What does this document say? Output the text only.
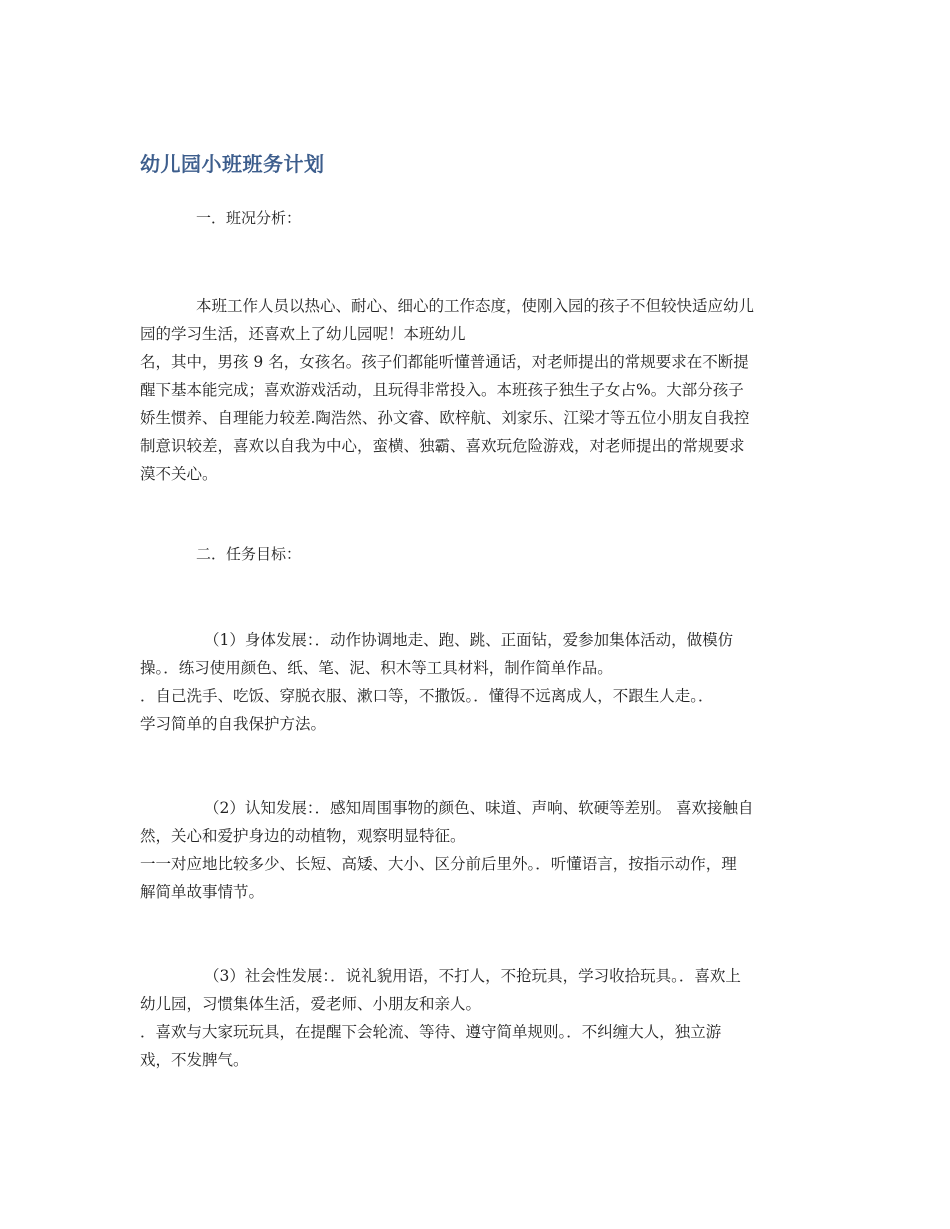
幼儿园小班班务计划

一．班况分析：

本班工作人员以热心、耐心、细心的工作态度，使刚入园的孩子不但较快适应幼儿
园的学习生活，还喜欢上了幼儿园呢！本班幼儿
名，其中，男孩 9 名，女孩名。孩子们都能听懂普通话，对老师提出的常规要求在不断提
醒下基本能完成；喜欢游戏活动，且玩得非常投入。本班孩子独生子女占%。大部分孩子
娇生惯养、自理能力较差.陶浩然、孙文睿、欧梓航、刘家乐、江梁才等五位小朋友自我控
制意识较差，喜欢以自我为中心，蛮横、独霸、喜欢玩危险游戏，对老师提出的常规要求
漠不关心。

二．任务目标：

（1）身体发展：．动作协调地走、跑、跳、正面钻，爱参加集体活动，做模仿
操。．练习使用颜色、纸、笔、泥、积木等工具材料，制作简单作品。
．自己洗手、吃饭、穿脱衣服、漱口等，不撒饭。．懂得不远离成人，不跟生人走。．
学习简单的自我保护方法。
（2）认知发展：．感知周围事物的颜色、味道、声响、软硬等差别。 喜欢接触自
然，关心和爱护身边的动植物，观察明显特征。
一一对应地比较多少、长短、高矮、大小、区分前后里外。．听懂语言，按指示动作，理
解简单故事情节。
（3）社会性发展：．说礼貌用语，不打人，不抢玩具，学习收拾玩具。．喜欢上
幼儿园，习惯集体生活，爱老师、小朋友和亲人。
．喜欢与大家玩玩具，在提醒下会轮流、等待、遵守简单规则。．不纠缠大人，独立游
戏，不发脾气。
